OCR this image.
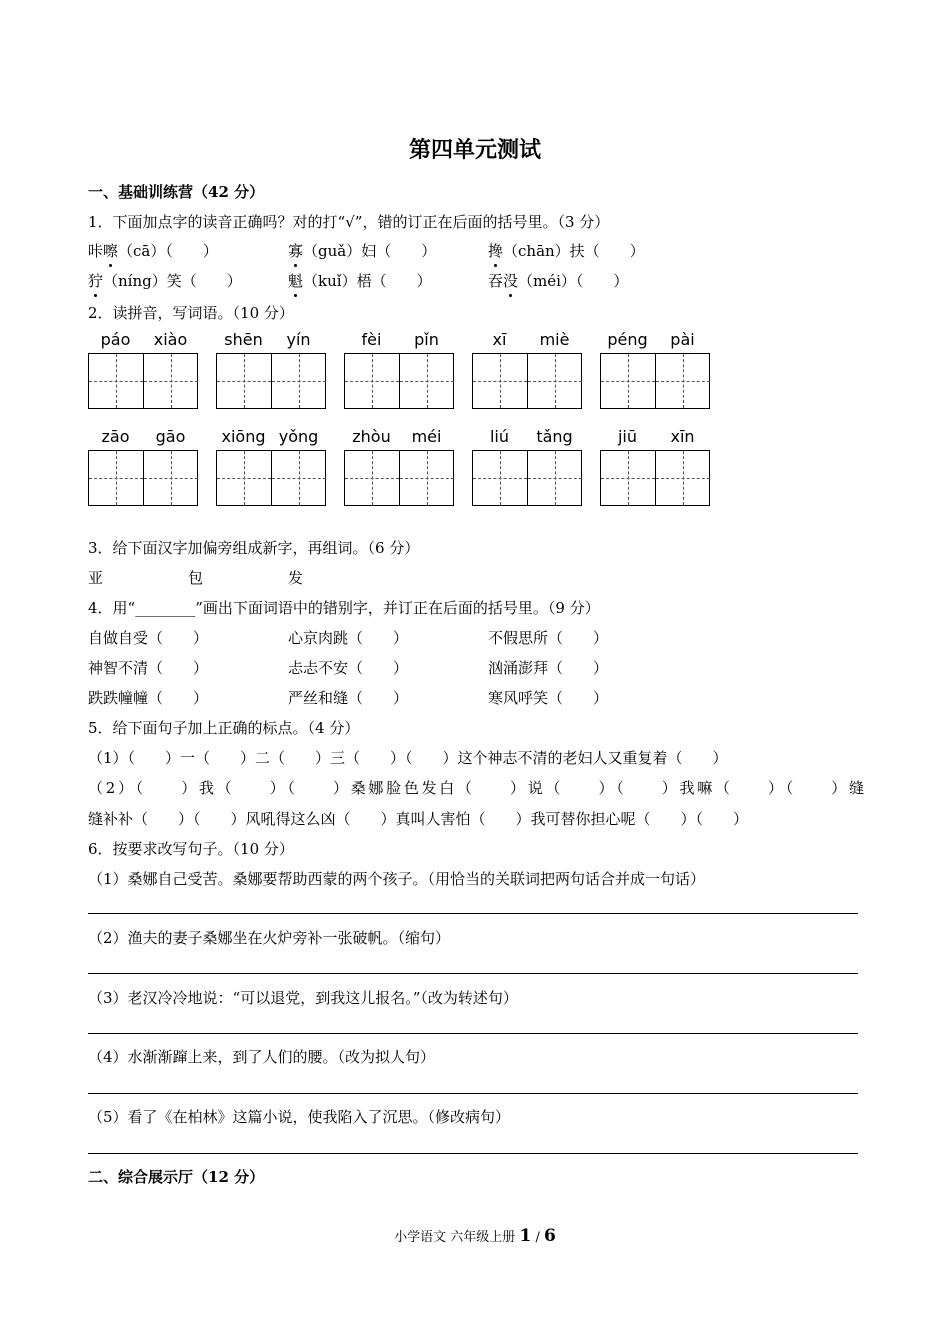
第四单元测试
一、基础训练营（42 分）
1．下面加点字的读音正确吗？对的打“√”，错的订正在后面的括号里。（3 分）
咔嚓（cā）（　　）	寡（guǎ）妇（　　）	搀（chān）扶（　　）
狞（níng）笑（　　）	魁（kuǐ）梧（　　）	吞没（méi）（　　）
2．读拼音，写词语。（10 分）
páo xiào	shēn yín	fèi pǐn	xī miè	péng pài
zāo gāo	xiōng yǒng	zhòu méi	liú tǎng	jiū xīn
3．给下面汉字加偏旁组成新字，再组词。（6 分）
亚	包	发
4．用“________”画出下面词语中的错别字，并订正在后面的括号里。（9 分）
自做自受（　　）	心京肉跳（　　）	不假思所（　　）
神智不清（　　）	忐忐不安（　　）	汹涌澎拜（　　）
跌跌幢幢（　　）	严丝和缝（　　）	寒风呼笑（　　）
5．给下面句子加上正确的标点。（4 分）
（1）（　　）一（　　）二（　　）三（　　）（　　）这个神志不清的老妇人又重复着（　　）
（2）（　　）我（　　）（　　）桑娜脸色发白（　　）说（　　）（　　）我嘛（　　）（　　）缝
缝补补（　　）（　　）风吼得这么凶（　　）真叫人害怕（　　）我可替你担心呢（　　）（　　）
6．按要求改写句子。（10 分）
（1）桑娜自己受苦。桑娜要帮助西蒙的两个孩子。（用恰当的关联词把两句话合并成一句话）
（2）渔夫的妻子桑娜坐在火炉旁补一张破帆。（缩句）
（3）老汉冷冷地说：“可以退党，到我这儿报名。”（改为转述句）
（4）水渐渐蹿上来，到了人们的腰。（改为拟人句）
（5）看了《在柏林》这篇小说，使我陷入了沉思。（修改病句）
二、综合展示厅（12 分）
小学语文 六年级上册 1 / 6
